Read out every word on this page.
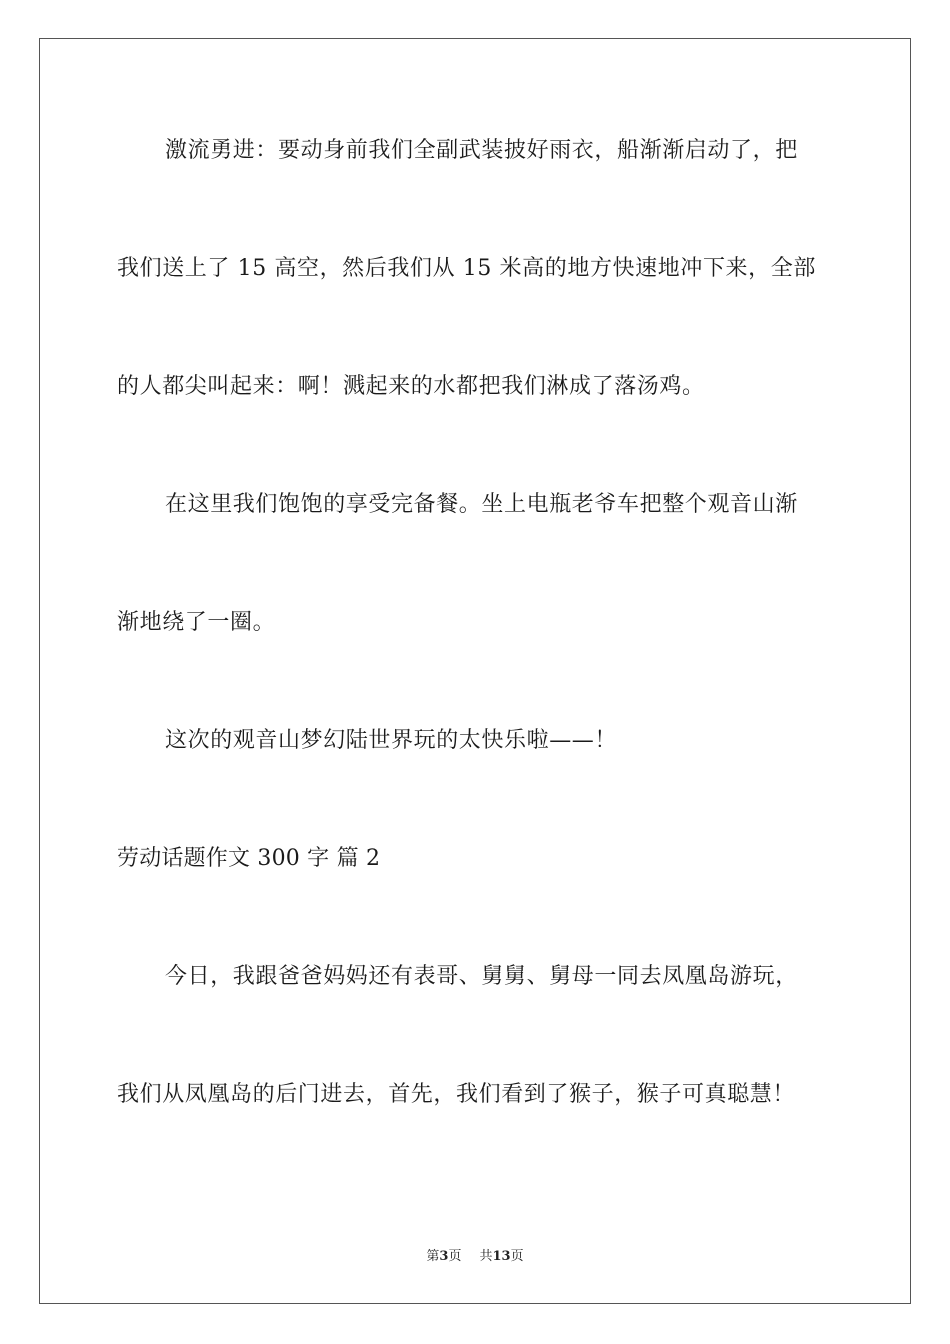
激流勇进：要动身前我们全副武装披好雨衣，船渐渐启动了，把
我们送上了 15 高空，然后我们从 15 米高的地方快速地冲下来，全部
的人都尖叫起来：啊！溅起来的水都把我们淋成了落汤鸡。
在这里我们饱饱的享受完备餐。坐上电瓶老爷车把整个观音山渐
渐地绕了一圈。
这次的观音山梦幻陆世界玩的太快乐啦——！
劳动话题作文 300 字 篇 2
今日，我跟爸爸妈妈还有表哥、舅舅、舅母一同去凤凰岛游玩，
我们从凤凰岛的后门进去，首先，我们看到了猴子，猴子可真聪慧！
第3页 共13页
